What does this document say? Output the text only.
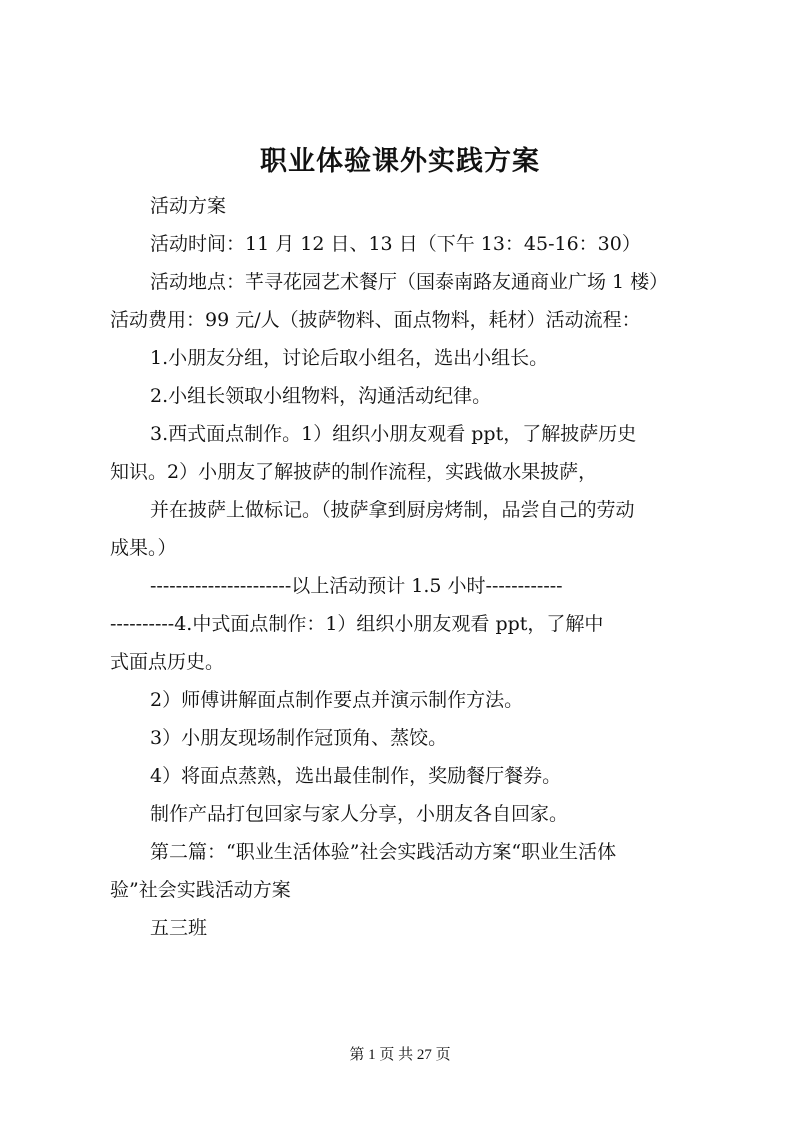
职业体验课外实践方案

活动方案

活动时间：11 月 12 日、13 日（下午 13：45-16：30）

活动地点：芊寻花园艺术餐厅（国泰南路友通商业广场 1 楼）

活动费用：99 元/人（披萨物料、面点物料，耗材）活动流程：

1.小朋友分组，讨论后取小组名，选出小组长。

2.小组长领取小组物料，沟通活动纪律。

3.西式面点制作。1）组织小朋友观看 ppt，了解披萨历史

知识。2）小朋友了解披萨的制作流程，实践做水果披萨，

并在披萨上做标记。（披萨拿到厨房烤制，品尝自己的劳动

成果。）

----------------------以上活动预计 1.5 小时------------

----------4.中式面点制作：1）组织小朋友观看 ppt，了解中

式面点历史。

2）师傅讲解面点制作要点并演示制作方法。

3）小朋友现场制作冠顶角、蒸饺。

4）将面点蒸熟，选出最佳制作，奖励餐厅餐券。

制作产品打包回家与家人分享，小朋友各自回家。

第二篇：“职业生活体验”社会实践活动方案“职业生活体

验”社会实践活动方案

五三班

第 1 页 共 27 页
